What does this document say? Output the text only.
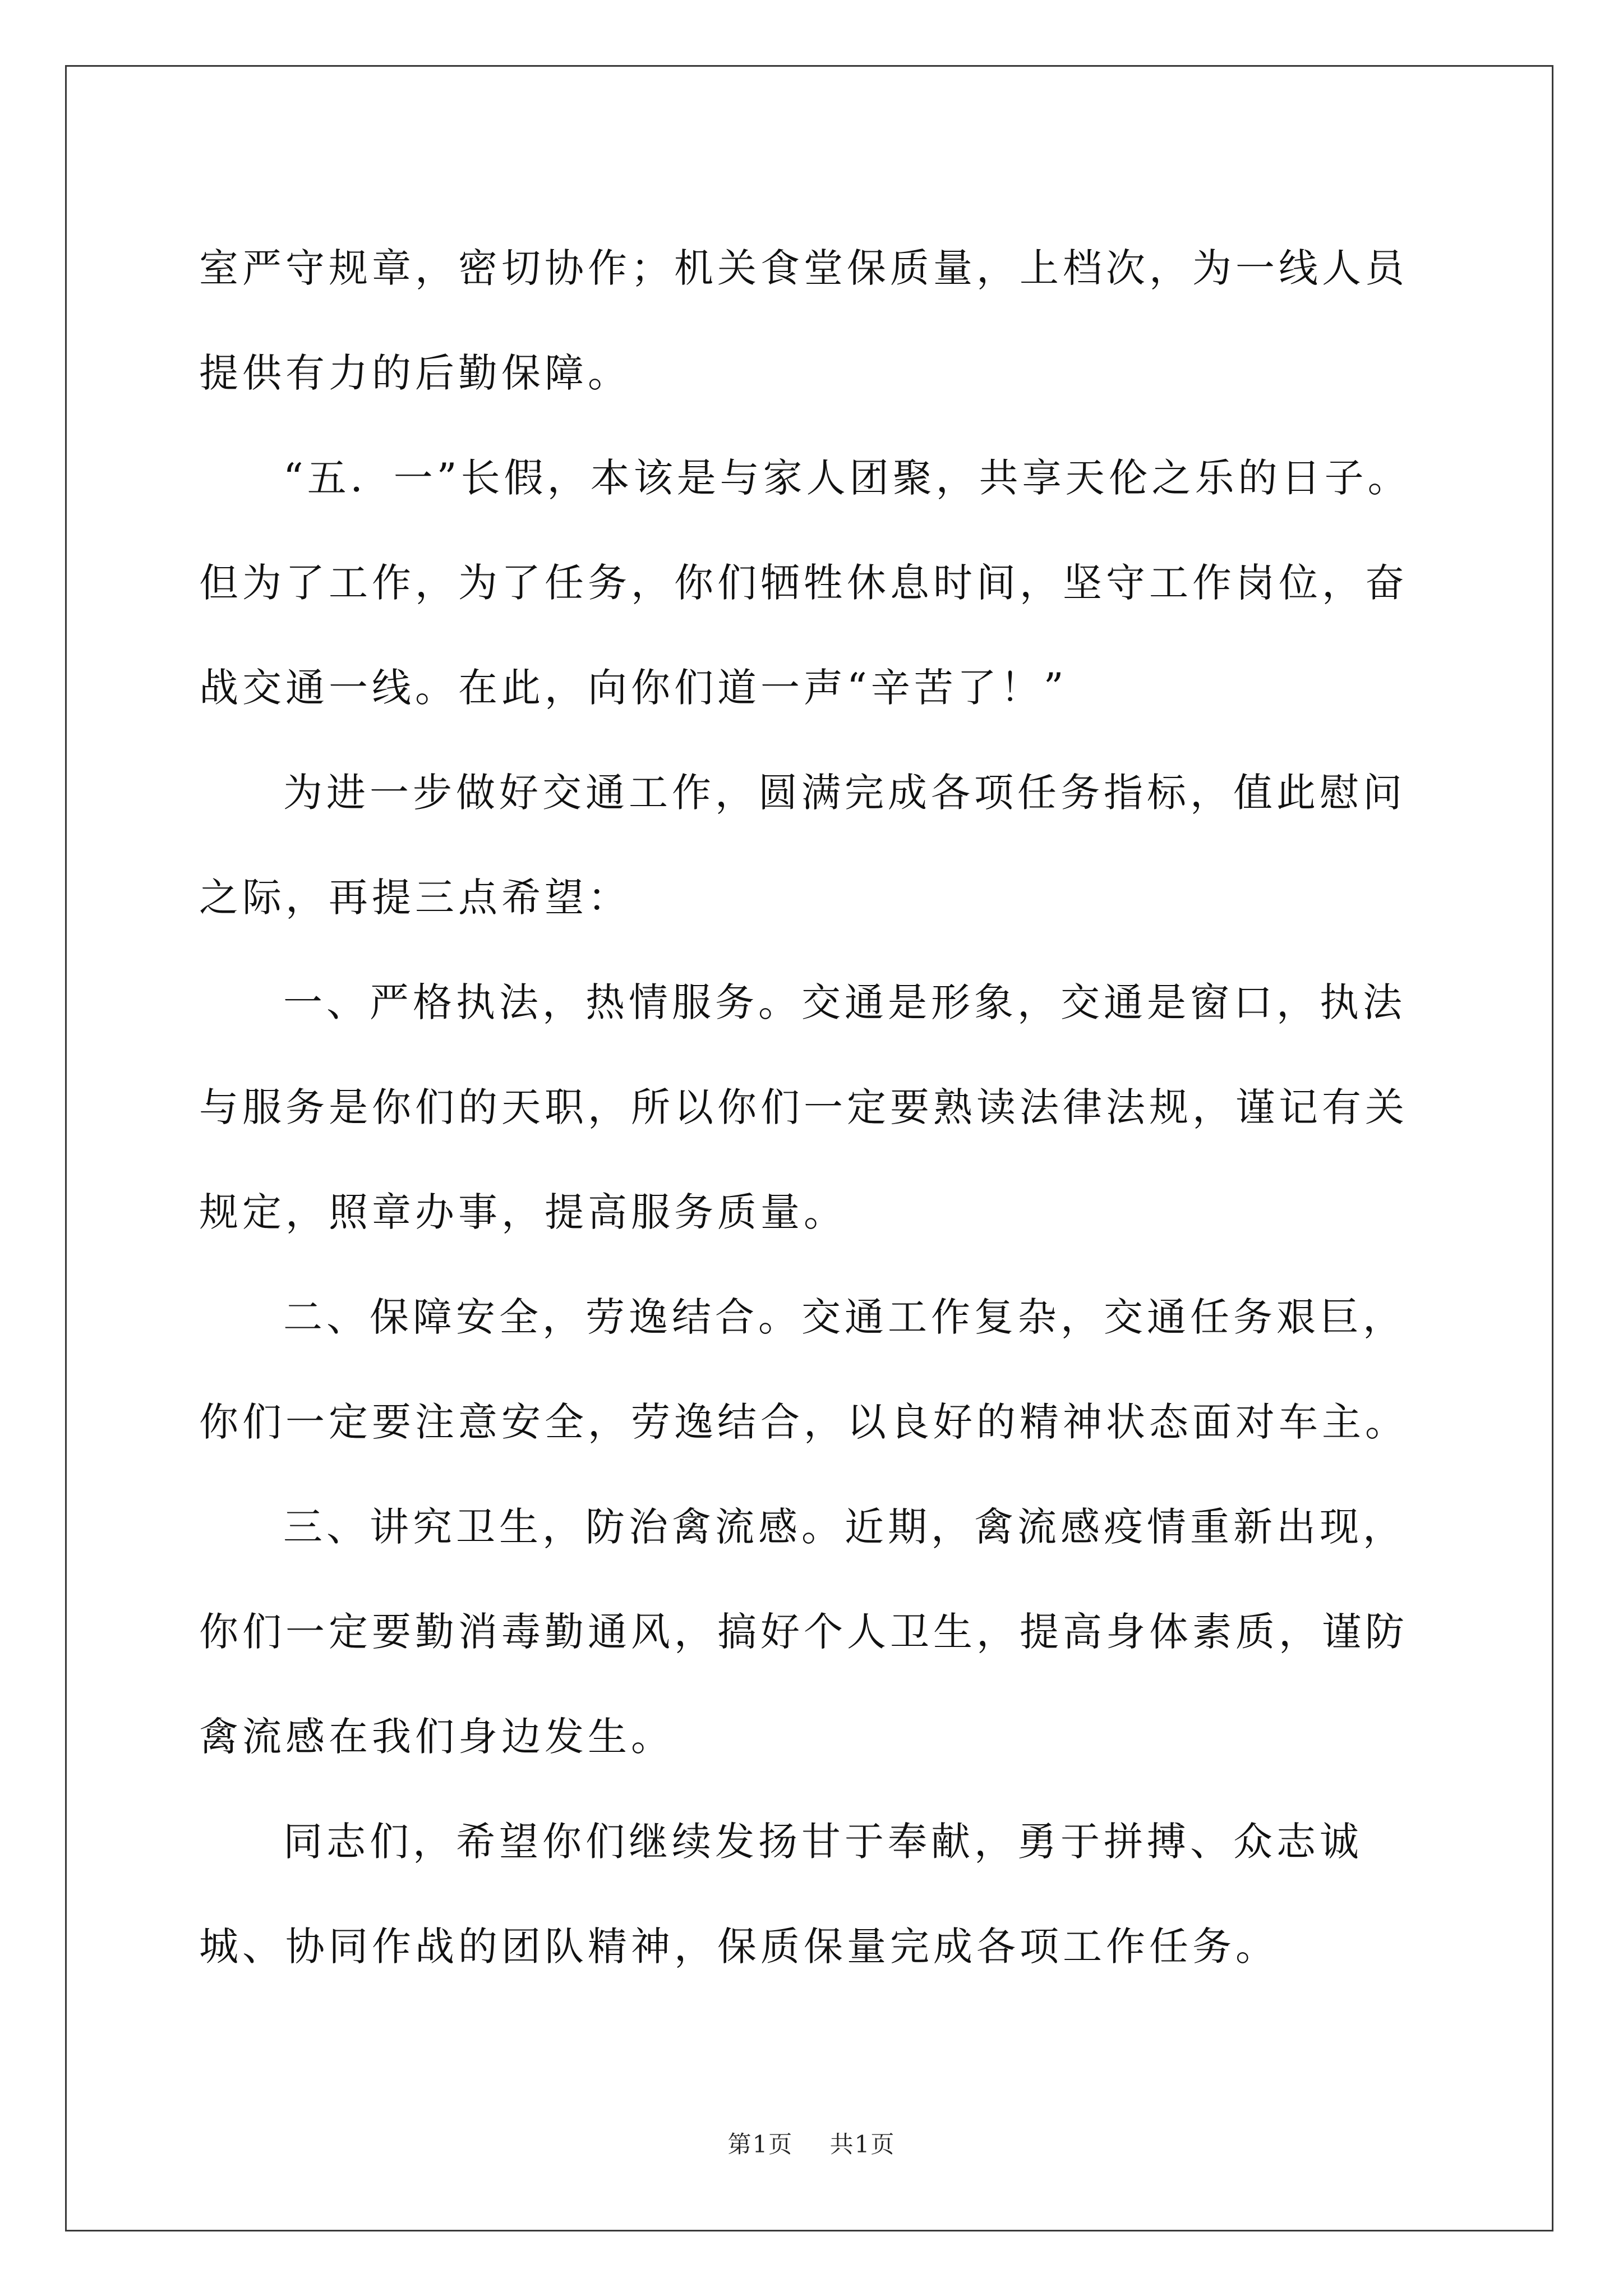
室严守规章，密切协作；机关食堂保质量，上档次，为一线人员提供有力的后勤保障。

“五．一”长假，本该是与家人团聚，共享天伦之乐的日子。但为了工作，为了任务，你们牺牲休息时间，坚守工作岗位，奋战交通一线。在此，向你们道一声“辛苦了！”

为进一步做好交通工作，圆满完成各项任务指标，值此慰问之际，再提三点希望：

一、严格执法，热情服务。交通是形象，交通是窗口，执法与服务是你们的天职，所以你们一定要熟读法律法规，谨记有关规定，照章办事，提高服务质量。

二、保障安全，劳逸结合。交通工作复杂，交通任务艰巨，你们一定要注意安全，劳逸结合，以良好的精神状态面对车主。

三、讲究卫生，防治禽流感。近期，禽流感疫情重新出现，你们一定要勤消毒勤通风，搞好个人卫生，提高身体素质，谨防禽流感在我们身边发生。

同志们，希望你们继续发扬甘于奉献，勇于拼搏、众志诚城、协同作战的团队精神，保质保量完成各项工作任务。

第1页 共1页
